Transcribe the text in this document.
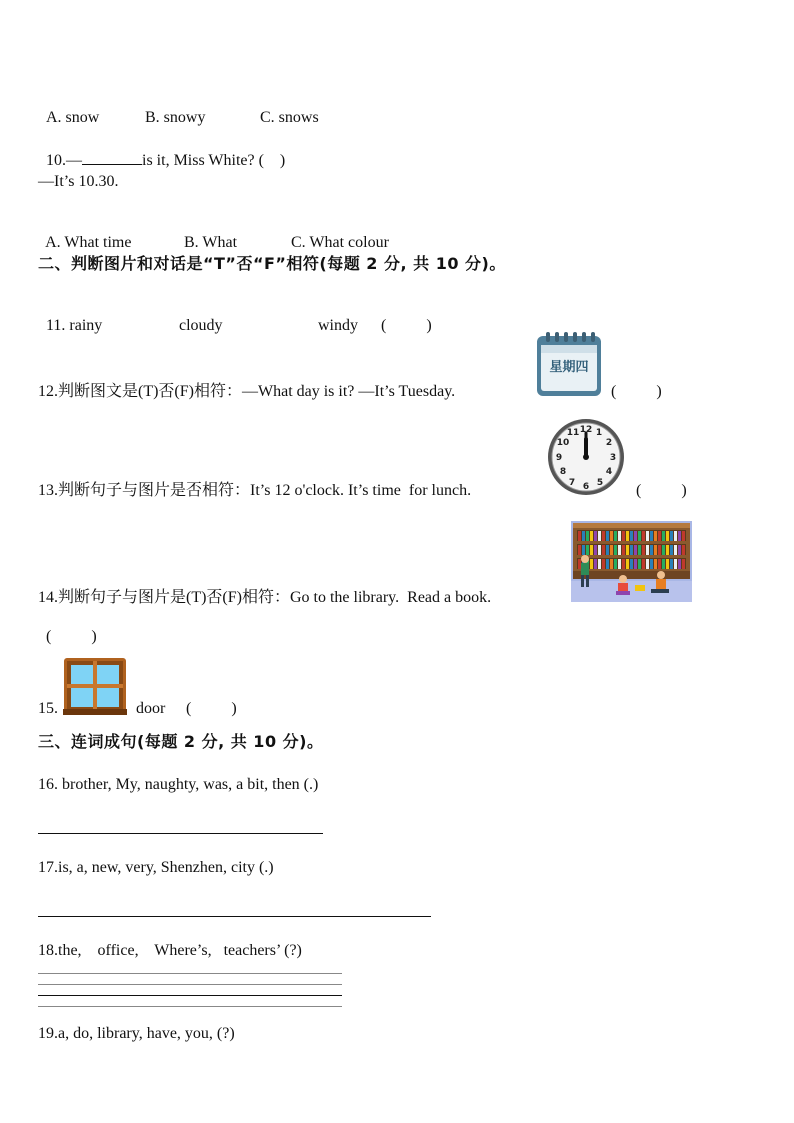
A. snow	B. snowy	C. snows

10.—	is it, Miss White? (    )

—It’s 10.30.

A. What time	B. What	C. What colour

二、判断图片和对话是“T”否“F”相符(每题 2 分, 共 10 分)。

11. rainy	cloudy	windy (          )

12.判断图文是(T)否(F)相符：—What day is it? —It’s Tuesday.
星期四
(          )
13.判断句子与图片是否相符：It’s 12 o'clock. It’s time  for lunch.
12 1
2
3
4
5
6
7
8
9
10
11
(          )
14.判断句子与图片是(T)否(F)相符：Go to the library.  Read a book.
(          )
15.	door (          )
三、连词成句(每题 2 分, 共 10 分)。
16. brother, My, naughty, was, a bit, then (.)
17.is, a, new, very, Shenzhen, city (.)
18.the,    office,    Where’s,   teachers’ (?)
19.a, do, library, have, you, (?)
